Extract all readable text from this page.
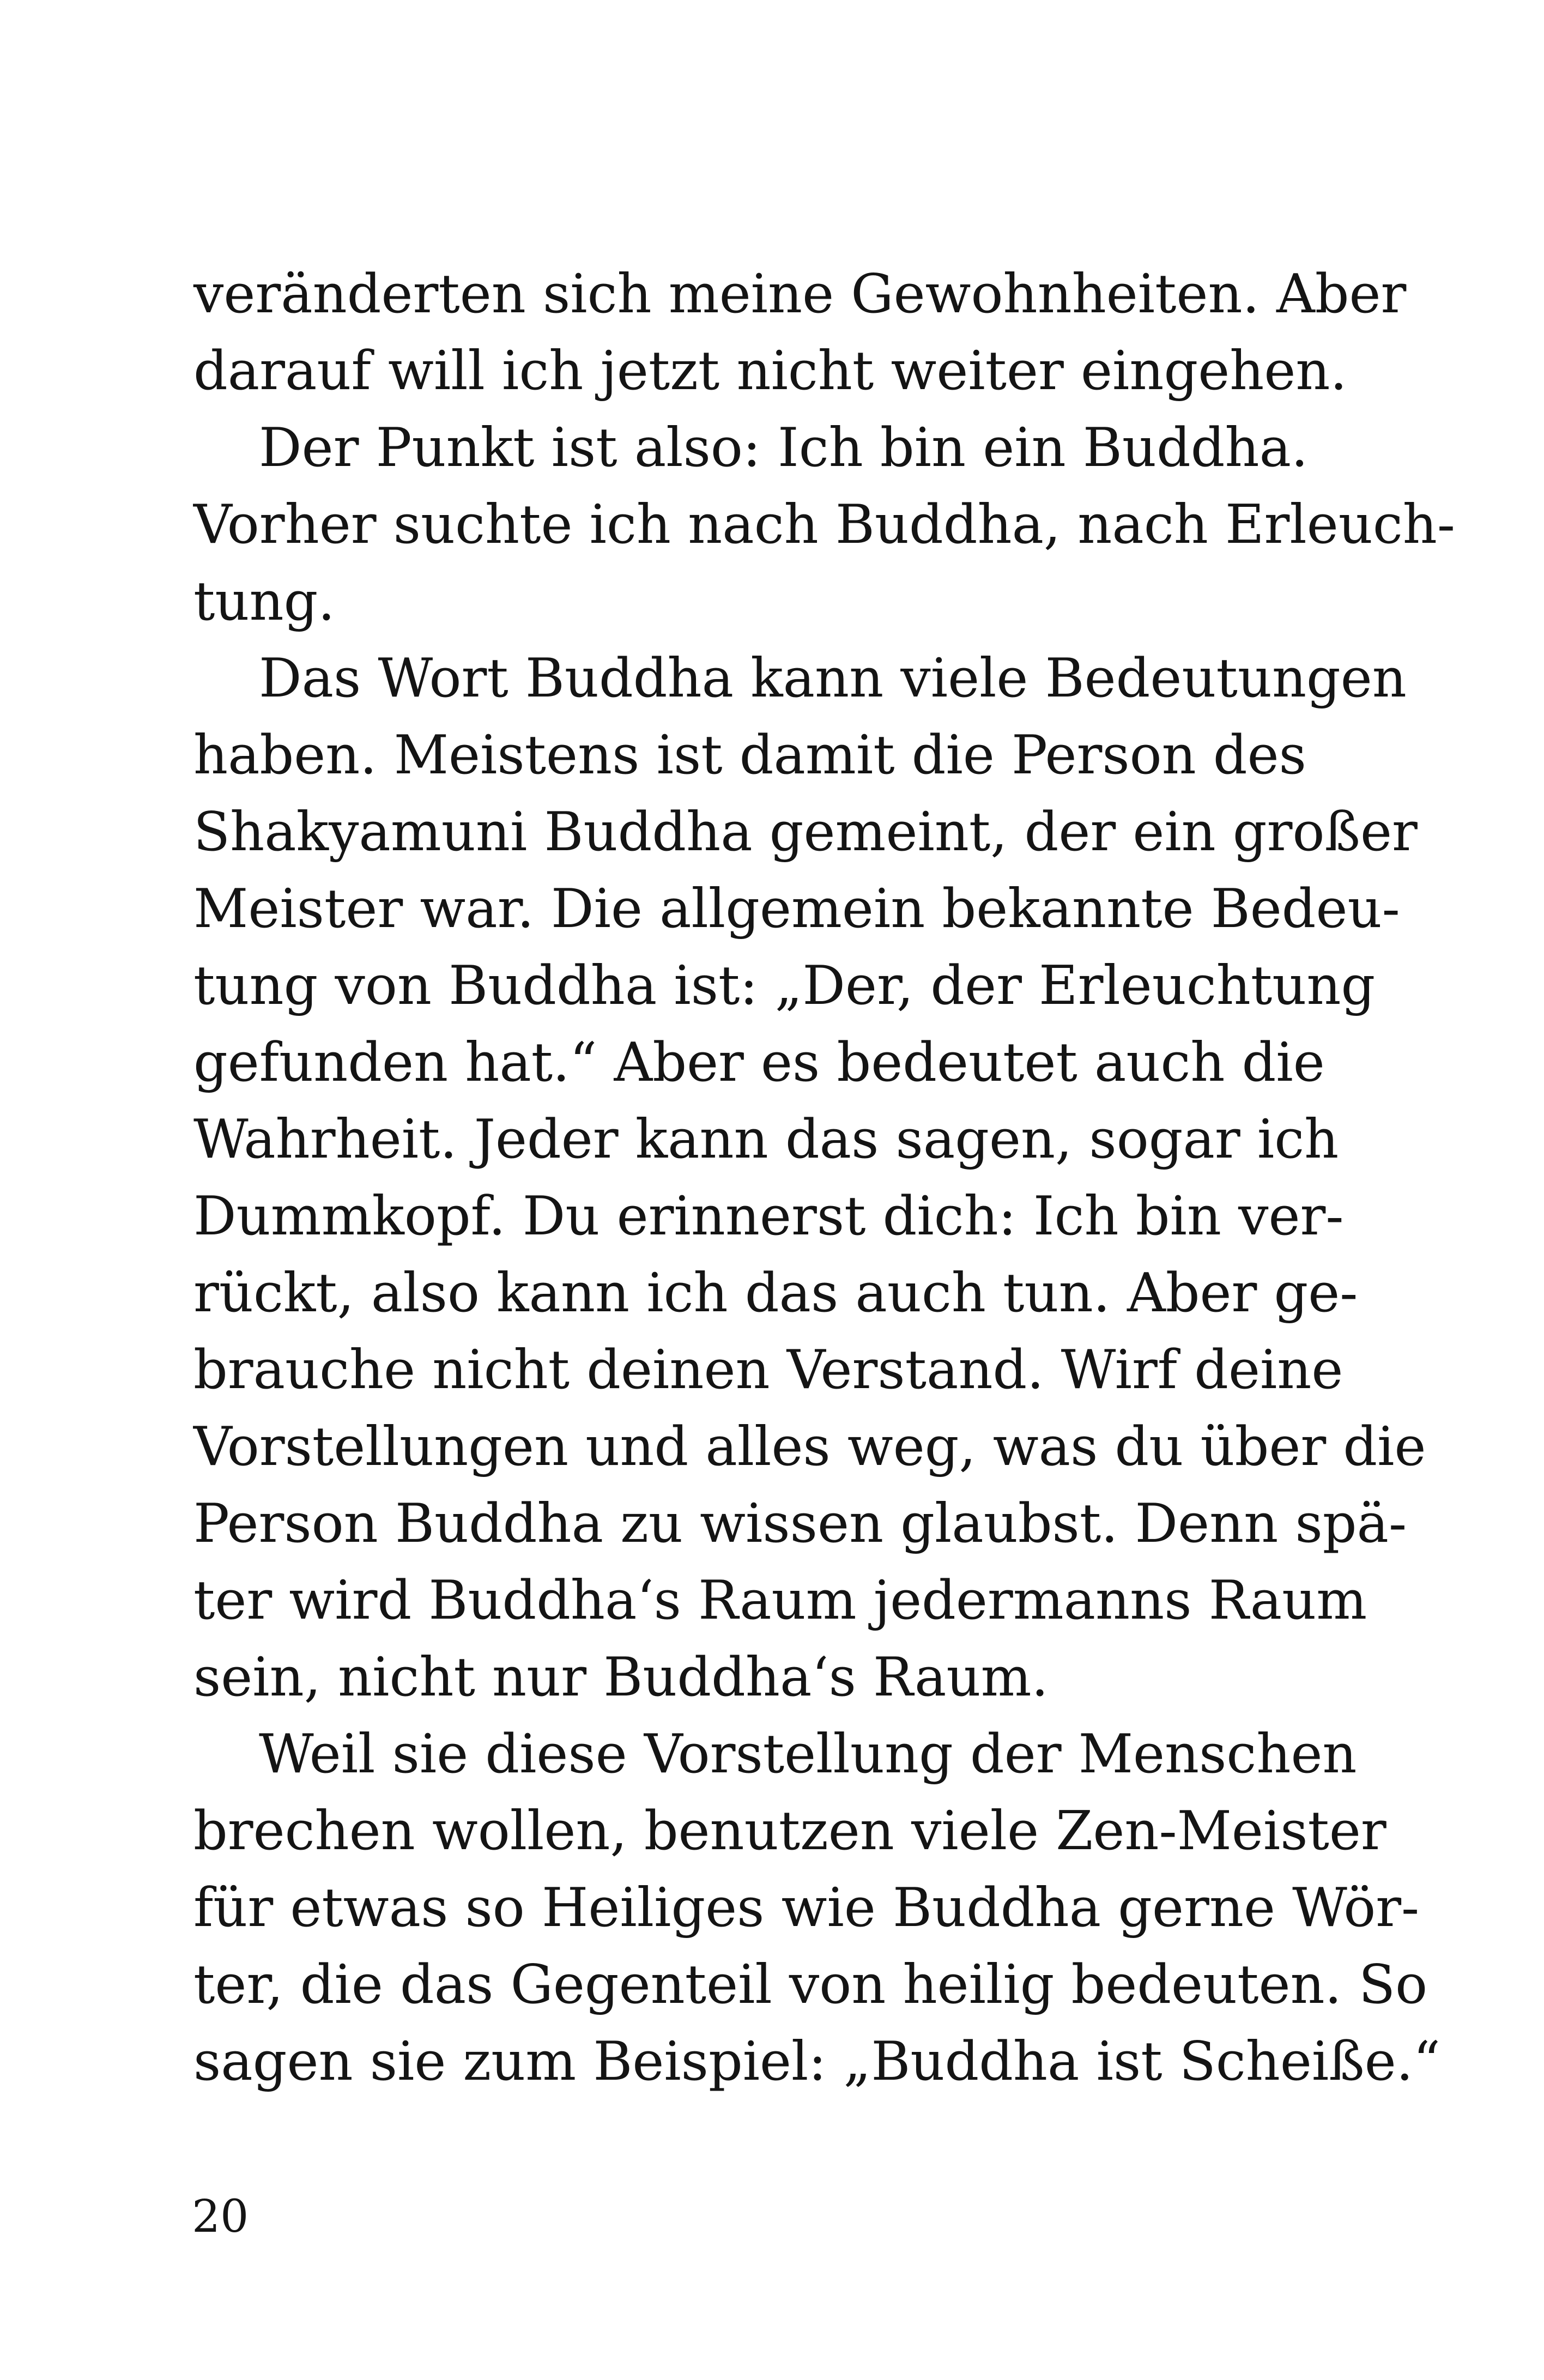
veränderten sich meine Gewohnheiten. Aber
darauf will ich jetzt nicht weiter eingehen.
Der Punkt ist also: Ich bin ein Buddha.
Vorher suchte ich nach Buddha, nach Erleuch-
tung.
Das Wort Buddha kann viele Bedeutungen
haben. Meistens ist damit die Person des
Shakyamuni Buddha gemeint, der ein großer
Meister war. Die allgemein bekannte Bedeu-
tung von Buddha ist: „Der, der Erleuchtung
gefunden hat.“ Aber es bedeutet auch die
Wahrheit. Jeder kann das sagen, sogar ich
Dummkopf. Du erinnerst dich: Ich bin ver-
rückt, also kann ich das auch tun. Aber ge-
brauche nicht deinen Verstand. Wirf deine
Vorstellungen und alles weg, was du über die
Person Buddha zu wissen glaubst. Denn spä-
ter wird Buddha‘s Raum jedermanns Raum
sein, nicht nur Buddha‘s Raum.
Weil sie diese Vorstellung der Menschen
brechen wollen, benutzen viele Zen-Meister
für etwas so Heiliges wie Buddha gerne Wör-
ter, die das Gegenteil von heilig bedeuten. So
sagen sie zum Beispiel: „Buddha ist Scheiße.“
20
